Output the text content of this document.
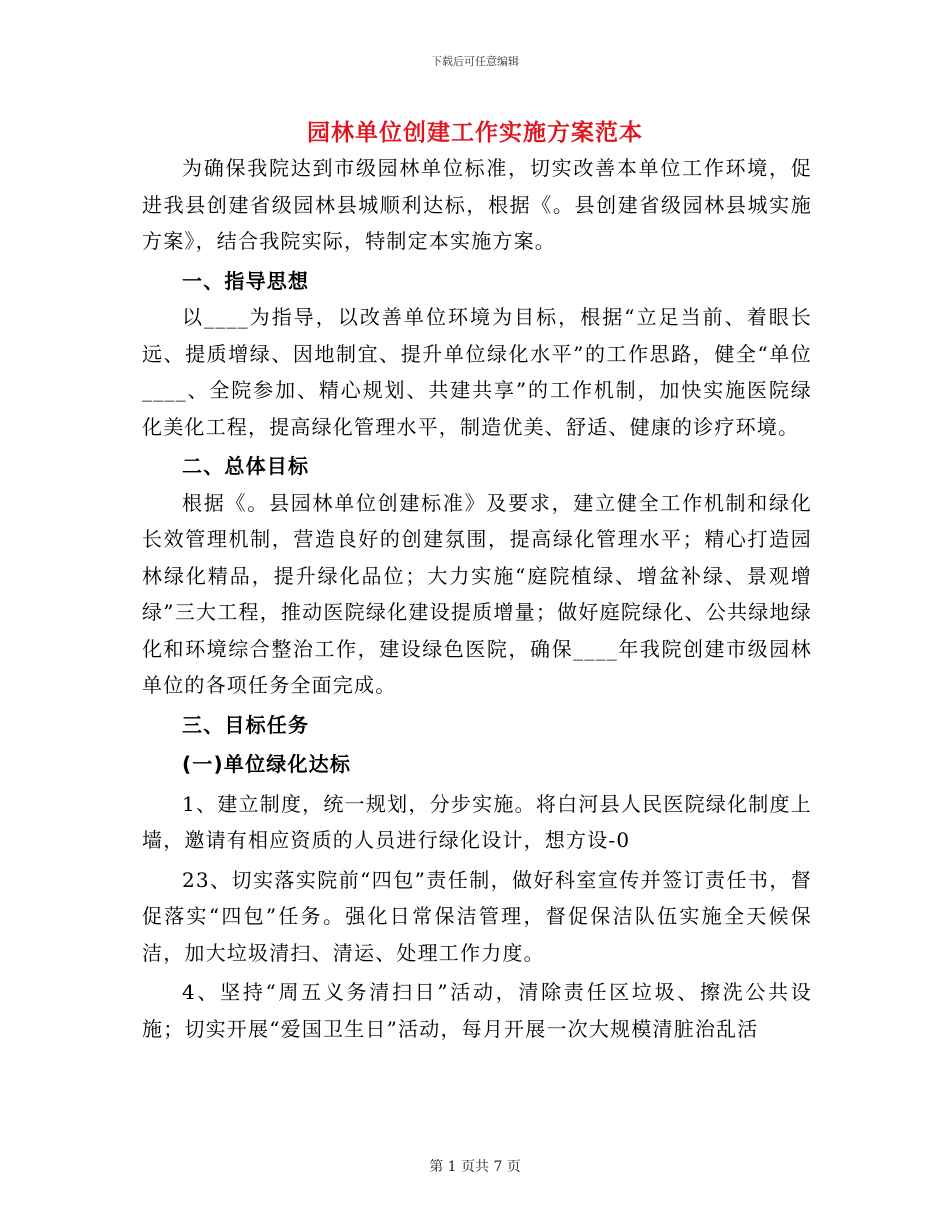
下载后可任意编辑
园林单位创建工作实施方案范本

为确保我院达到市级园林单位标准，切实改善本单位工作环境，促进我县创建省级园林县城顺利达标，根据《。县创建省级园林县城实施方案》，结合我院实际，特制定本实施方案。

一、指导思想

以____为指导，以改善单位环境为目标，根据“立足当前、着眼长远、提质增绿、因地制宜、提升单位绿化水平”的工作思路，健全“单位____、全院参加、精心规划、共建共享”的工作机制，加快实施医院绿化美化工程，提高绿化管理水平，制造优美、舒适、健康的诊疗环境。

二、总体目标

根据《。县园林单位创建标准》及要求，建立健全工作机制和绿化长效管理机制，营造良好的创建氛围，提高绿化管理水平；精心打造园林绿化精品，提升绿化品位；大力实施“庭院植绿、增盆补绿、景观增绿”三大工程，推动医院绿化建设提质增量；做好庭院绿化、公共绿地绿化和环境综合整治工作，建设绿色医院，确保____年我院创建市级园林单位的各项任务全面完成。

三、目标任务

(一)单位绿化达标

1、建立制度，统一规划，分步实施。将白河县人民医院绿化制度上墙，邀请有相应资质的人员进行绿化设计，想方设-0

23、切实落实院前“四包”责任制，做好科室宣传并签订责任书，督促落实“四包”任务。强化日常保洁管理，督促保洁队伍实施全天候保洁，加大垃圾清扫、清运、处理工作力度。

4、坚持“周五义务清扫日”活动，清除责任区垃圾、擦洗公共设施；切实开展“爱国卫生日”活动，每月开展一次大规模清脏治乱活

第 1 页共 7 页
